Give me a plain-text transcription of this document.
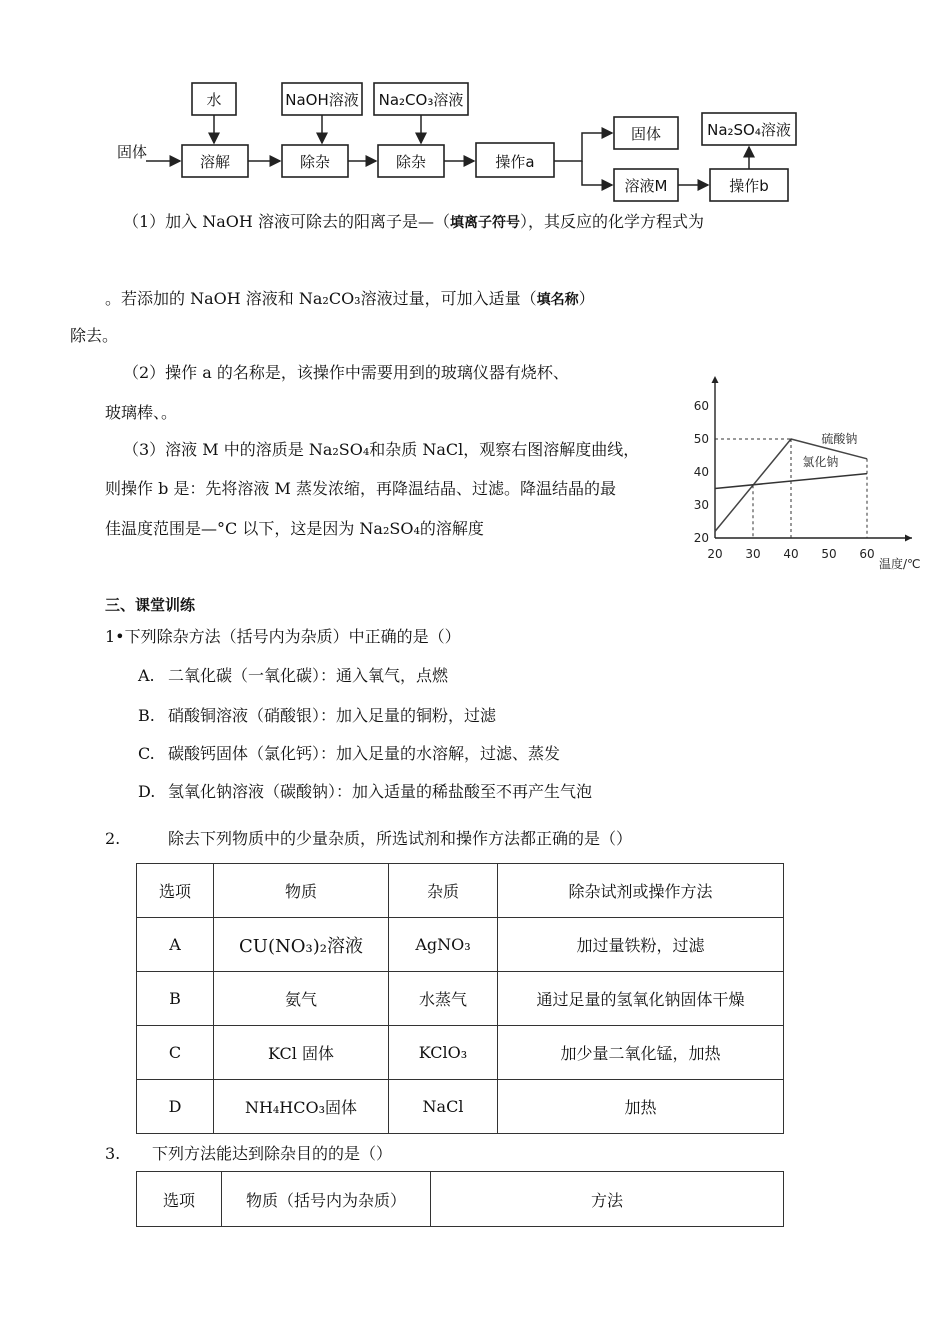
固体
水	NaOH溶液 Na₂CO₃溶液
溶解	除杂	除杂	操作a
固体
溶液M	操作b
Na₂SO₄溶液
（1）加入 NaOH 溶液可除去的阳离子是—（填离子符号），其反应的化学方程式为
。若添加的 NaOH 溶液和 Na₂CO₃溶液过量，可加入适量（填名称）
除去。
（2）操作 a 的名称是，该操作中需要用到的玻璃仪器有烧杯、
玻璃棒、。
（3）溶液 M 中的溶质是 Na₂SO₄和杂质 NaCl，观察右图溶解度曲线，
则操作 b 是：先将溶液 M 蒸发浓缩，再降温结晶、过滤。降温结晶的最
佳温度范围是—°C 以下，这是因为 Na₂SO₄的溶解度
20 30 40 50 60
20
30
40
50
60
温度/℃
硫酸钠
氯化钠
三、课堂训练
1•下列除杂方法（括号内为杂质）中正确的是（）
A. 二氧化碳（一氧化碳）：通入氧气，点燃
B. 硝酸铜溶液（硝酸银）：加入足量的铜粉，过滤
C. 碳酸钙固体（氯化钙）：加入足量的水溶解，过滤、蒸发
D. 氢氧化钠溶液（碳酸钠）：加入适量的稀盐酸至不再产生气泡
2.	除去下列物质中的少量杂质，所选试剂和操作方法都正确的是（）
选项	物质	杂质	除杂试剂或操作方法
A	CU(NO₃)₂溶液	AgNO₃	加过量铁粉，过滤
B	氨气	水蒸气	通过足量的氢氧化钠固体干燥
C	KCl 固体	KClO₃	加少量二氧化锰，加热
D	NH₄HCO₃固体	NaCl	加热
3. 下列方法能达到除杂目的的是（）
选项	物质（括号内为杂质）	方法
